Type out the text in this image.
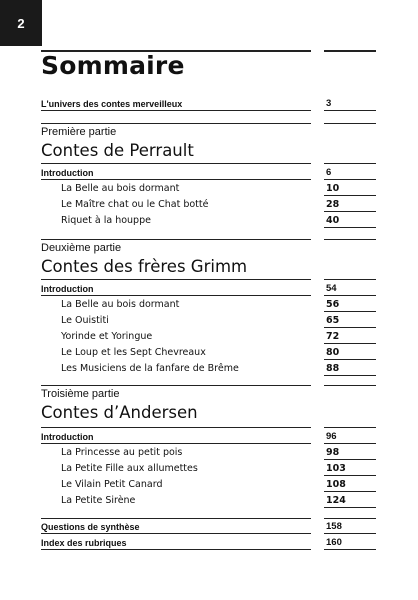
2
Sommaire
L'univers des contes merveilleux	3
Première partie
Contes de Perrault
Introduction	6
La Belle au bois dormant	10
Le Maître chat ou le Chat botté	28
Riquet à la houppe	40
Deuxième partie
Contes des frères Grimm
Introduction	54
La Belle au bois dormant	56
Le Ouistiti	65
Yorinde et Yoringue	72
Le Loup et les Sept Chevreaux	80
Les Musiciens de la fanfare de Brême	88
Troisième partie
Contes d’Andersen
Introduction	96
La Princesse au petit pois	98
La Petite Fille aux allumettes	103
Le Vilain Petit Canard	108
La Petite Sirène	124
Questions de synthèse	158
Index des rubriques	160
